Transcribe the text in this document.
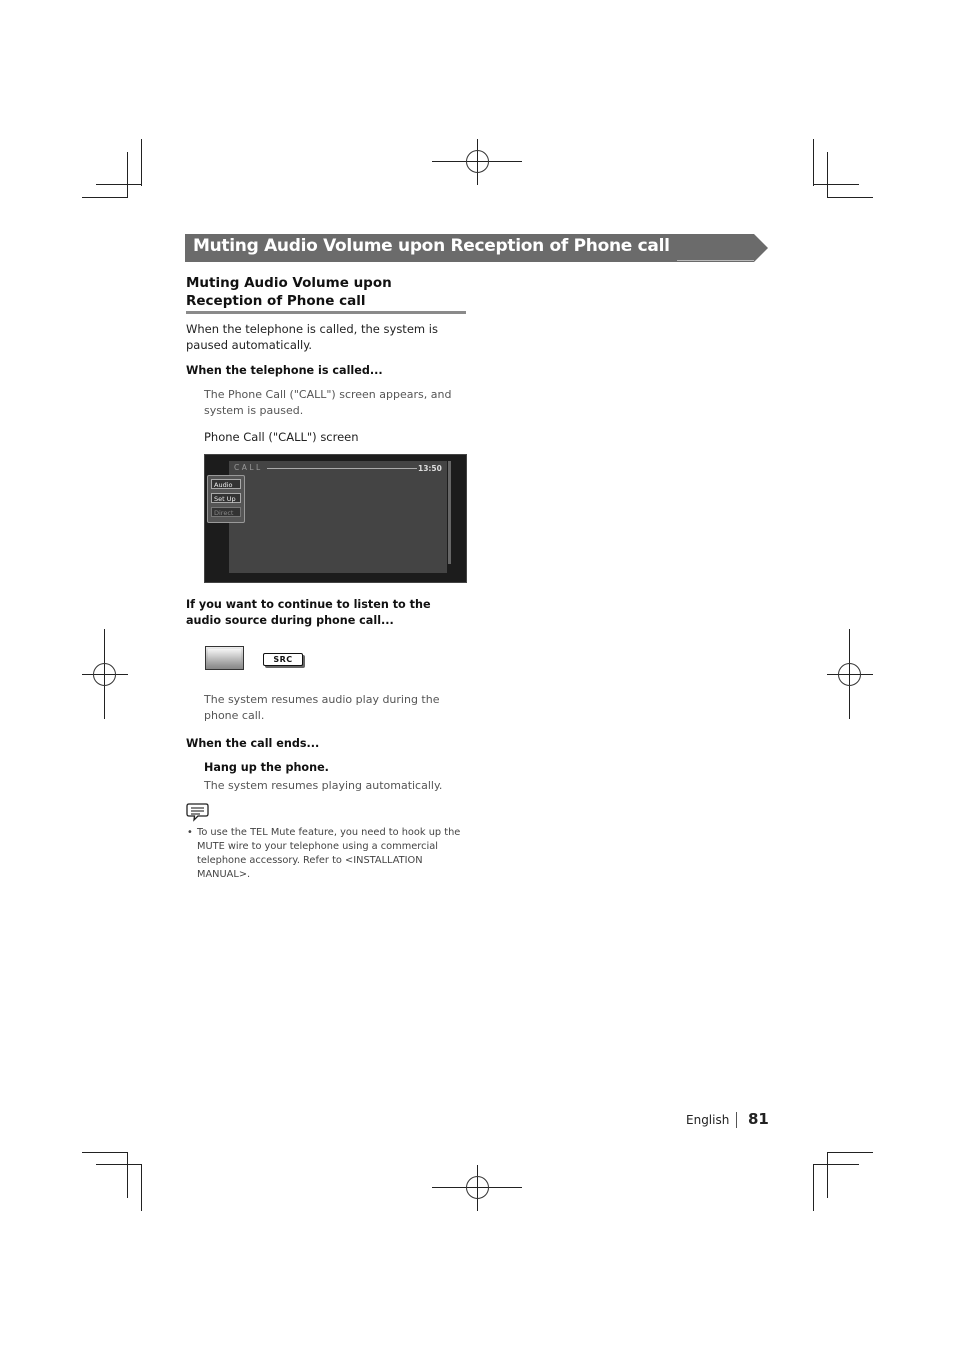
Muting Audio Volume upon Reception of Phone call
Muting Audio Volume upon Reception of Phone call
When the telephone is called, the system is paused automatically.
When the telephone is called...
The Phone Call ("CALL") screen appears, and system is paused.
Phone Call ("CALL") screen
CALL	13:50
Audio
Set Up
Direct
If you want to continue to listen to the audio source during phone call...
SRC
The system resumes audio play during the phone call.
When the call ends...
Hang up the phone.
The system resumes playing automatically.
• To use the TEL Mute feature, you need to hook up the MUTE wire to your telephone using a commercial telephone accessory. Refer to <INSTALLATION MANUAL>.
English 81
